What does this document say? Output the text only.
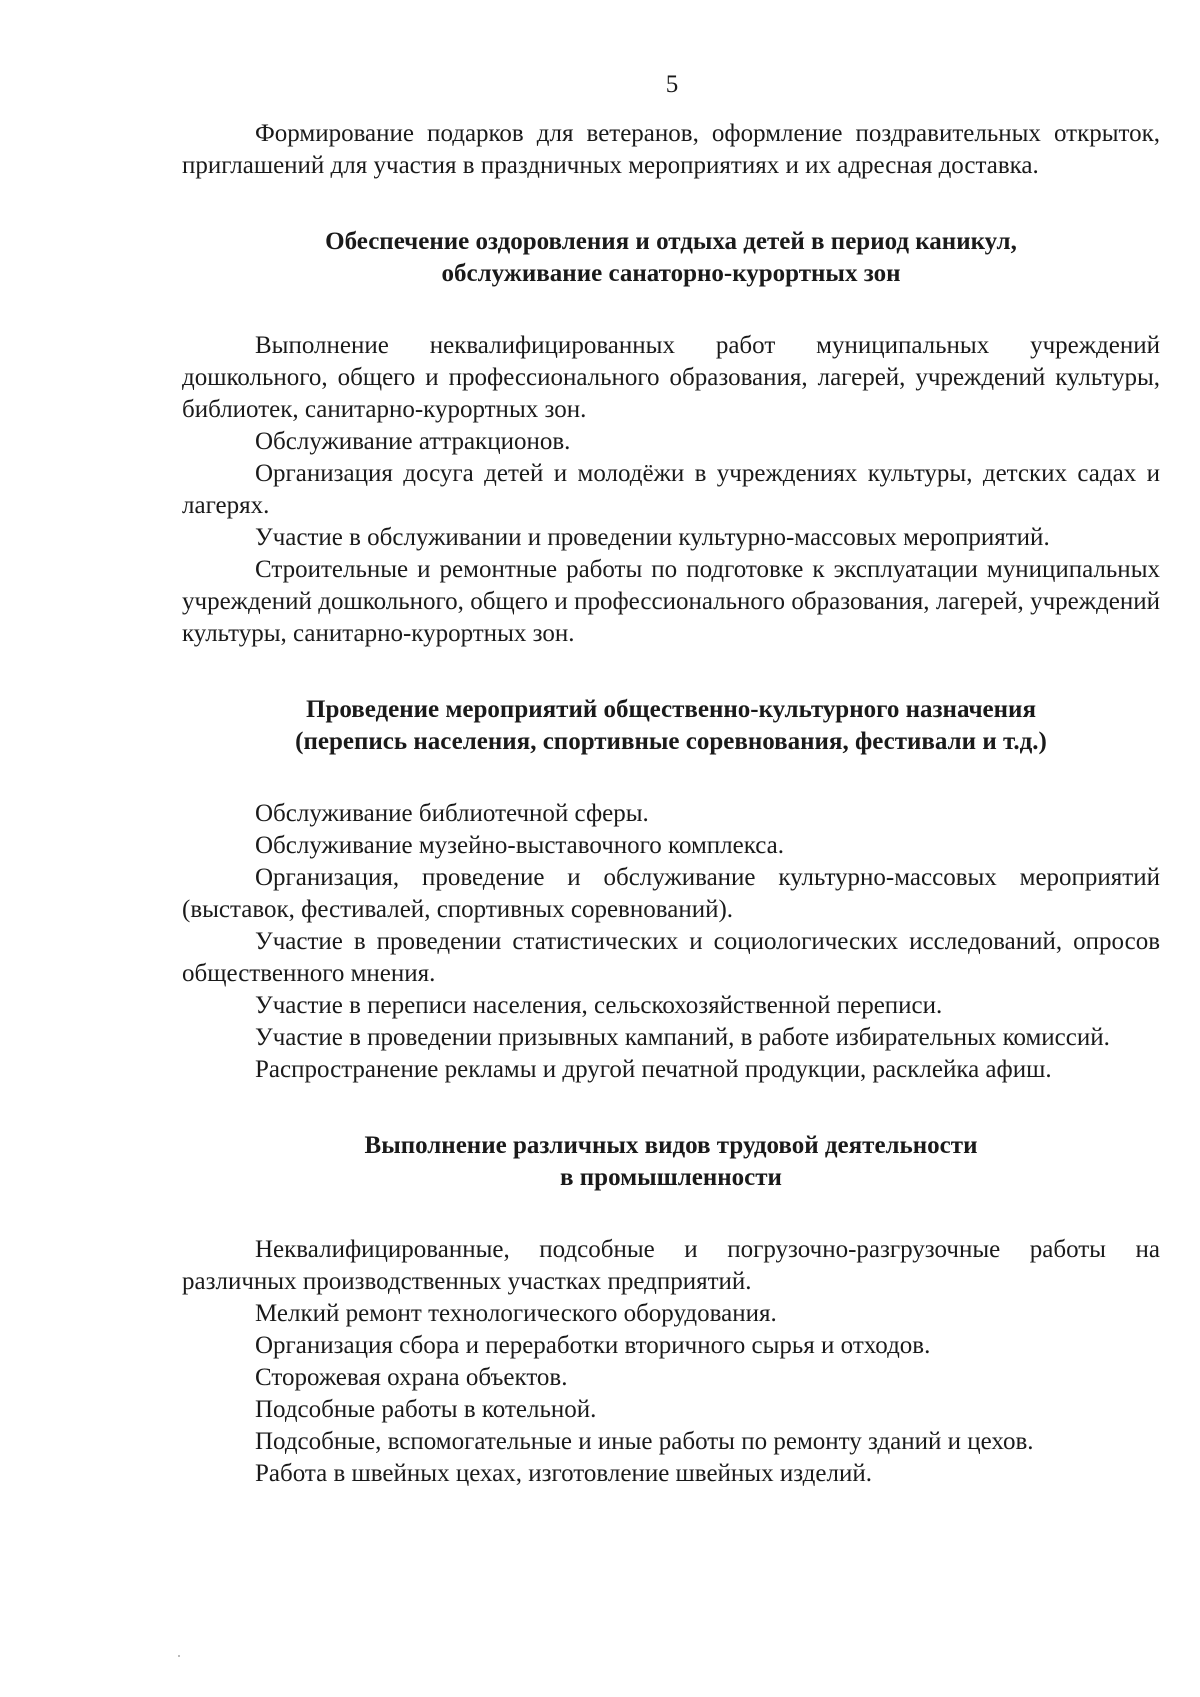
5

Формирование подарков для ветеранов, оформление поздравительных открыток, приглашений для участия в праздничных мероприятиях и их адресная доставка.

Обеспечение оздоровления и отдыха детей в период каникул,
обслуживание санаторно-курортных зон

Выполнение неквалифицированных работ муниципальных учреждений дошкольного, общего и профессионального образования, лагерей, учреждений культуры, библиотек, санитарно-курортных зон.

Обслуживание аттракционов.

Организация досуга детей и молодёжи в учреждениях культуры, детских садах и лагерях.

Участие в обслуживании и проведении культурно-массовых мероприятий.

Строительные и ремонтные работы по подготовке к эксплуатации муниципальных учреждений дошкольного, общего и профессионального образования, лагерей, учреждений культуры, санитарно-курортных зон.

Проведение мероприятий общественно-культурного назначения
(перепись населения, спортивные соревнования, фестивали и т.д.)

Обслуживание библиотечной сферы.

Обслуживание музейно-выставочного комплекса.

Организация, проведение и обслуживание культурно-массовых мероприятий (выставок, фестивалей, спортивных соревнований).

Участие в проведении статистических и социологических исследований, опросов общественного мнения.

Участие в переписи населения, сельскохозяйственной переписи.

Участие в проведении призывных кампаний, в работе избирательных комиссий.

Распространение рекламы и другой печатной продукции, расклейка афиш.

Выполнение различных видов трудовой деятельности
в промышленности

Неквалифицированные, подсобные и погрузочно-разгрузочные работы на различных производственных участках предприятий.

Мелкий ремонт технологического оборудования.

Организация сбора и переработки вторичного сырья и отходов.

Сторожевая охрана объектов.

Подсобные работы в котельной.

Подсобные, вспомогательные и иные работы по ремонту зданий и цехов.

Работа в швейных цехах, изготовление швейных изделий.
